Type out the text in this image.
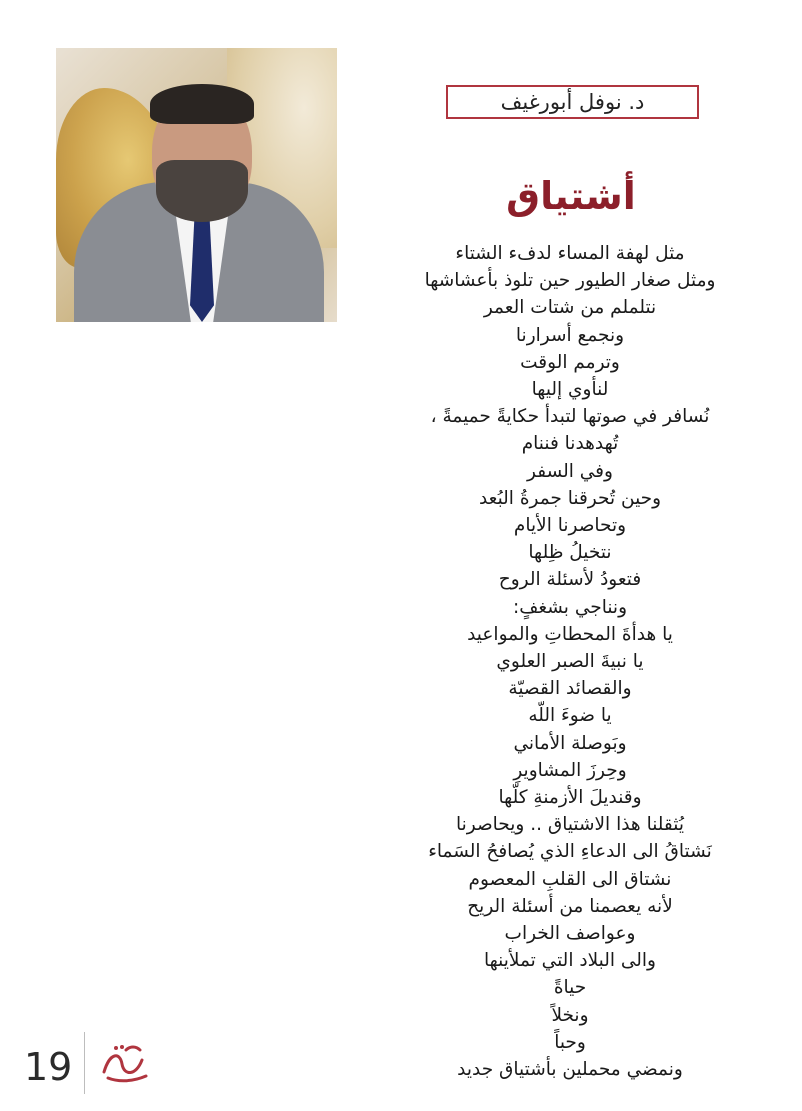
د. نوفل أبورغيف
أشتياق
مثل لهفة المساء لدفء الشتاء
ومثل صغار الطيور حين تلوذ بأعشاشها
نتلملم من شتات العمر
ونجمع أسرارنا
وترمم الوقت
لنأوي إليها
نُسافر في صوتها لتبدأ حكايةً حميمةً ،
تُهدهدنا فننام
وفي السفر
وحين تُحرقنا جمرةُ البُعد
وتحاصرنا الأيام
نتخيلُ ظِلها
فتعودُ لأسئلة الروح
ونناجي بشغفٍ:
يا هدأةَ المحطاتِ والمواعيد
يا نبيةَ الصبر العلوي
والقصائد القصيّة
يا ضوءَ اللّه
وبَوصلة الأماني
وحِرزَ المشاويرِ
وقنديلَ الأزمنةِ كلّها
يُثقلنا هذا الاشتياق .. ويحاصرنا
نَشتاقُ الى الدعاءِ الذي يُصافحُ السَماء
نشتاق الى القلبِ المعصوم
لأنه يعصمنا من أسئلة الريح
وعواصف الخراب
والى البلاد التي تملأينها
حياةً
ونخلاً
وحباً
ونمضي محملين بأشتياق جديد
19
